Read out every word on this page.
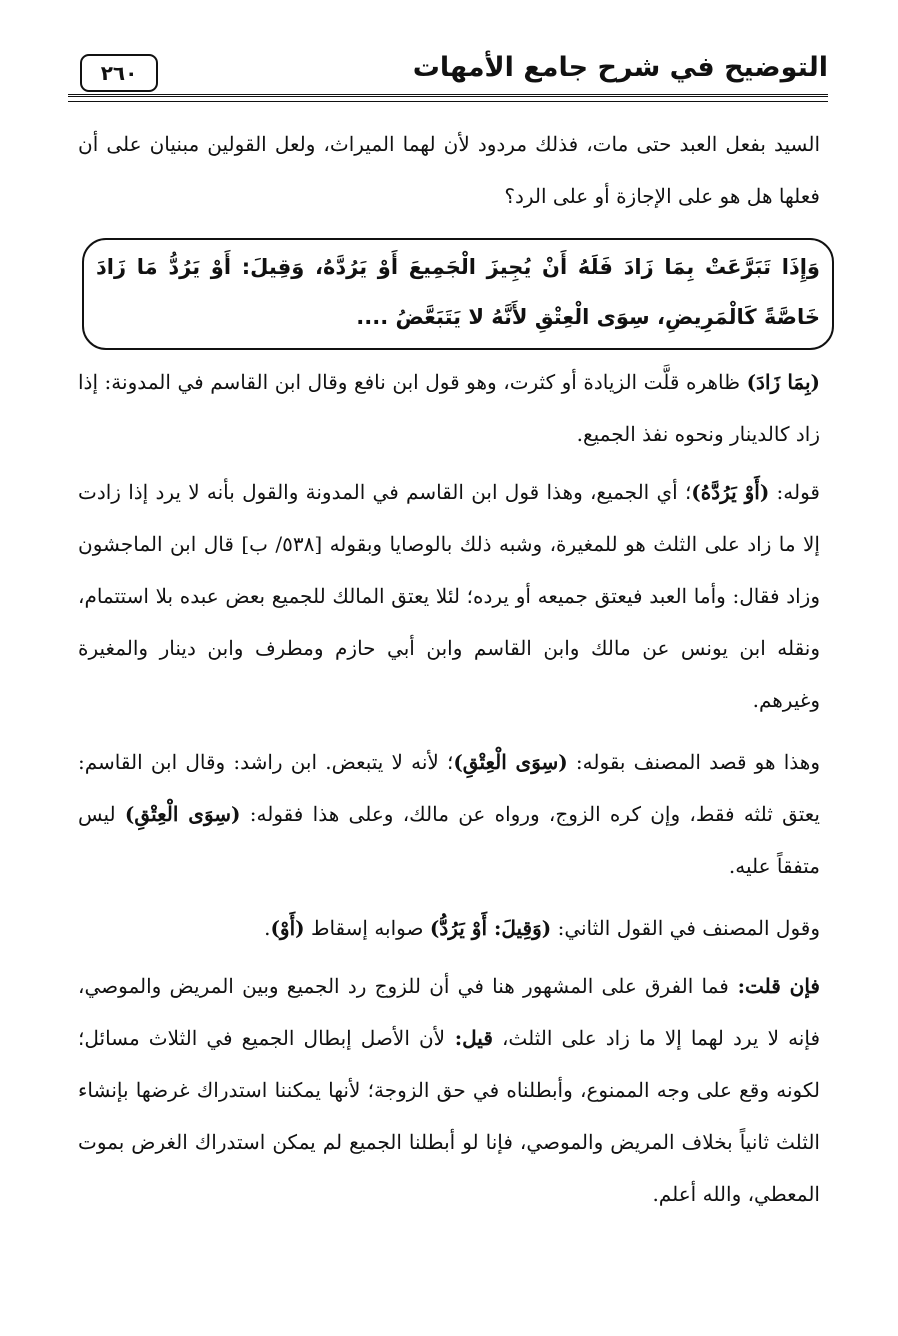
التوضيح في شرح جامع الأمهات
٢٦٠

السيد بفعل العبد حتى مات، فذلك مردود لأن لهما الميراث، ولعل القولين مبنيان على أن فعلها هل هو على الإجازة أو على الرد؟

وَإِذَا تَبَرَّعَتْ بِمَا زَادَ فَلَهُ أَنْ يُجِيزَ الْجَمِيعَ أَوْ يَرُدَّهُ، وَقِيلَ: أَوْ يَرُدُّ مَا زَادَ خَاصَّةً كَالْمَرِيضِ، سِوَى الْعِتْقِ لأَنَّهُ لا يَتَبَعَّضُ ....

(بِمَا زَادَ) ظاهره قلَّت الزيادة أو كثرت، وهو قول ابن نافع وقال ابن القاسم في المدونة: إذا زاد كالدينار ونحوه نفذ الجميع.

قوله: (أَوْ يَرُدَّهُ)؛ أي الجميع، وهذا قول ابن القاسم في المدونة والقول بأنه لا يرد إذا زادت إلا ما زاد على الثلث هو للمغيرة، وشبه ذلك بالوصايا وبقوله [٥٣٨/ ب] قال ابن الماجشون وزاد فقال: وأما العبد فيعتق جميعه أو يرده؛ لئلا يعتق المالك للجميع بعض عبده بلا استتمام، ونقله ابن يونس عن مالك وابن القاسم وابن أبي حازم ومطرف وابن دينار والمغيرة وغيرهم.

وهذا هو قصد المصنف بقوله: (سِوَى الْعِتْقِ)؛ لأنه لا يتبعض. ابن راشد: وقال ابن القاسم: يعتق ثلثه فقط، وإن كره الزوج، ورواه عن مالك، وعلى هذا فقوله: (سِوَى الْعِتْقِ) ليس متفقاً عليه.

وقول المصنف في القول الثاني: (وَقِيلَ: أَوْ يَرُدُّ) صوابه إسقاط (أَوْ).

فإن قلت: فما الفرق على المشهور هنا في أن للزوج رد الجميع وبين المريض والموصي، فإنه لا يرد لهما إلا ما زاد على الثلث، قيل: لأن الأصل إبطال الجميع في الثلاث مسائل؛ لكونه وقع على وجه الممنوع، وأبطلناه في حق الزوجة؛ لأنها يمكننا استدراك غرضها بإنشاء الثلث ثانياً بخلاف المريض والموصي، فإنا لو أبطلنا الجميع لم يمكن استدراك الغرض بموت المعطي، والله أعلم.
